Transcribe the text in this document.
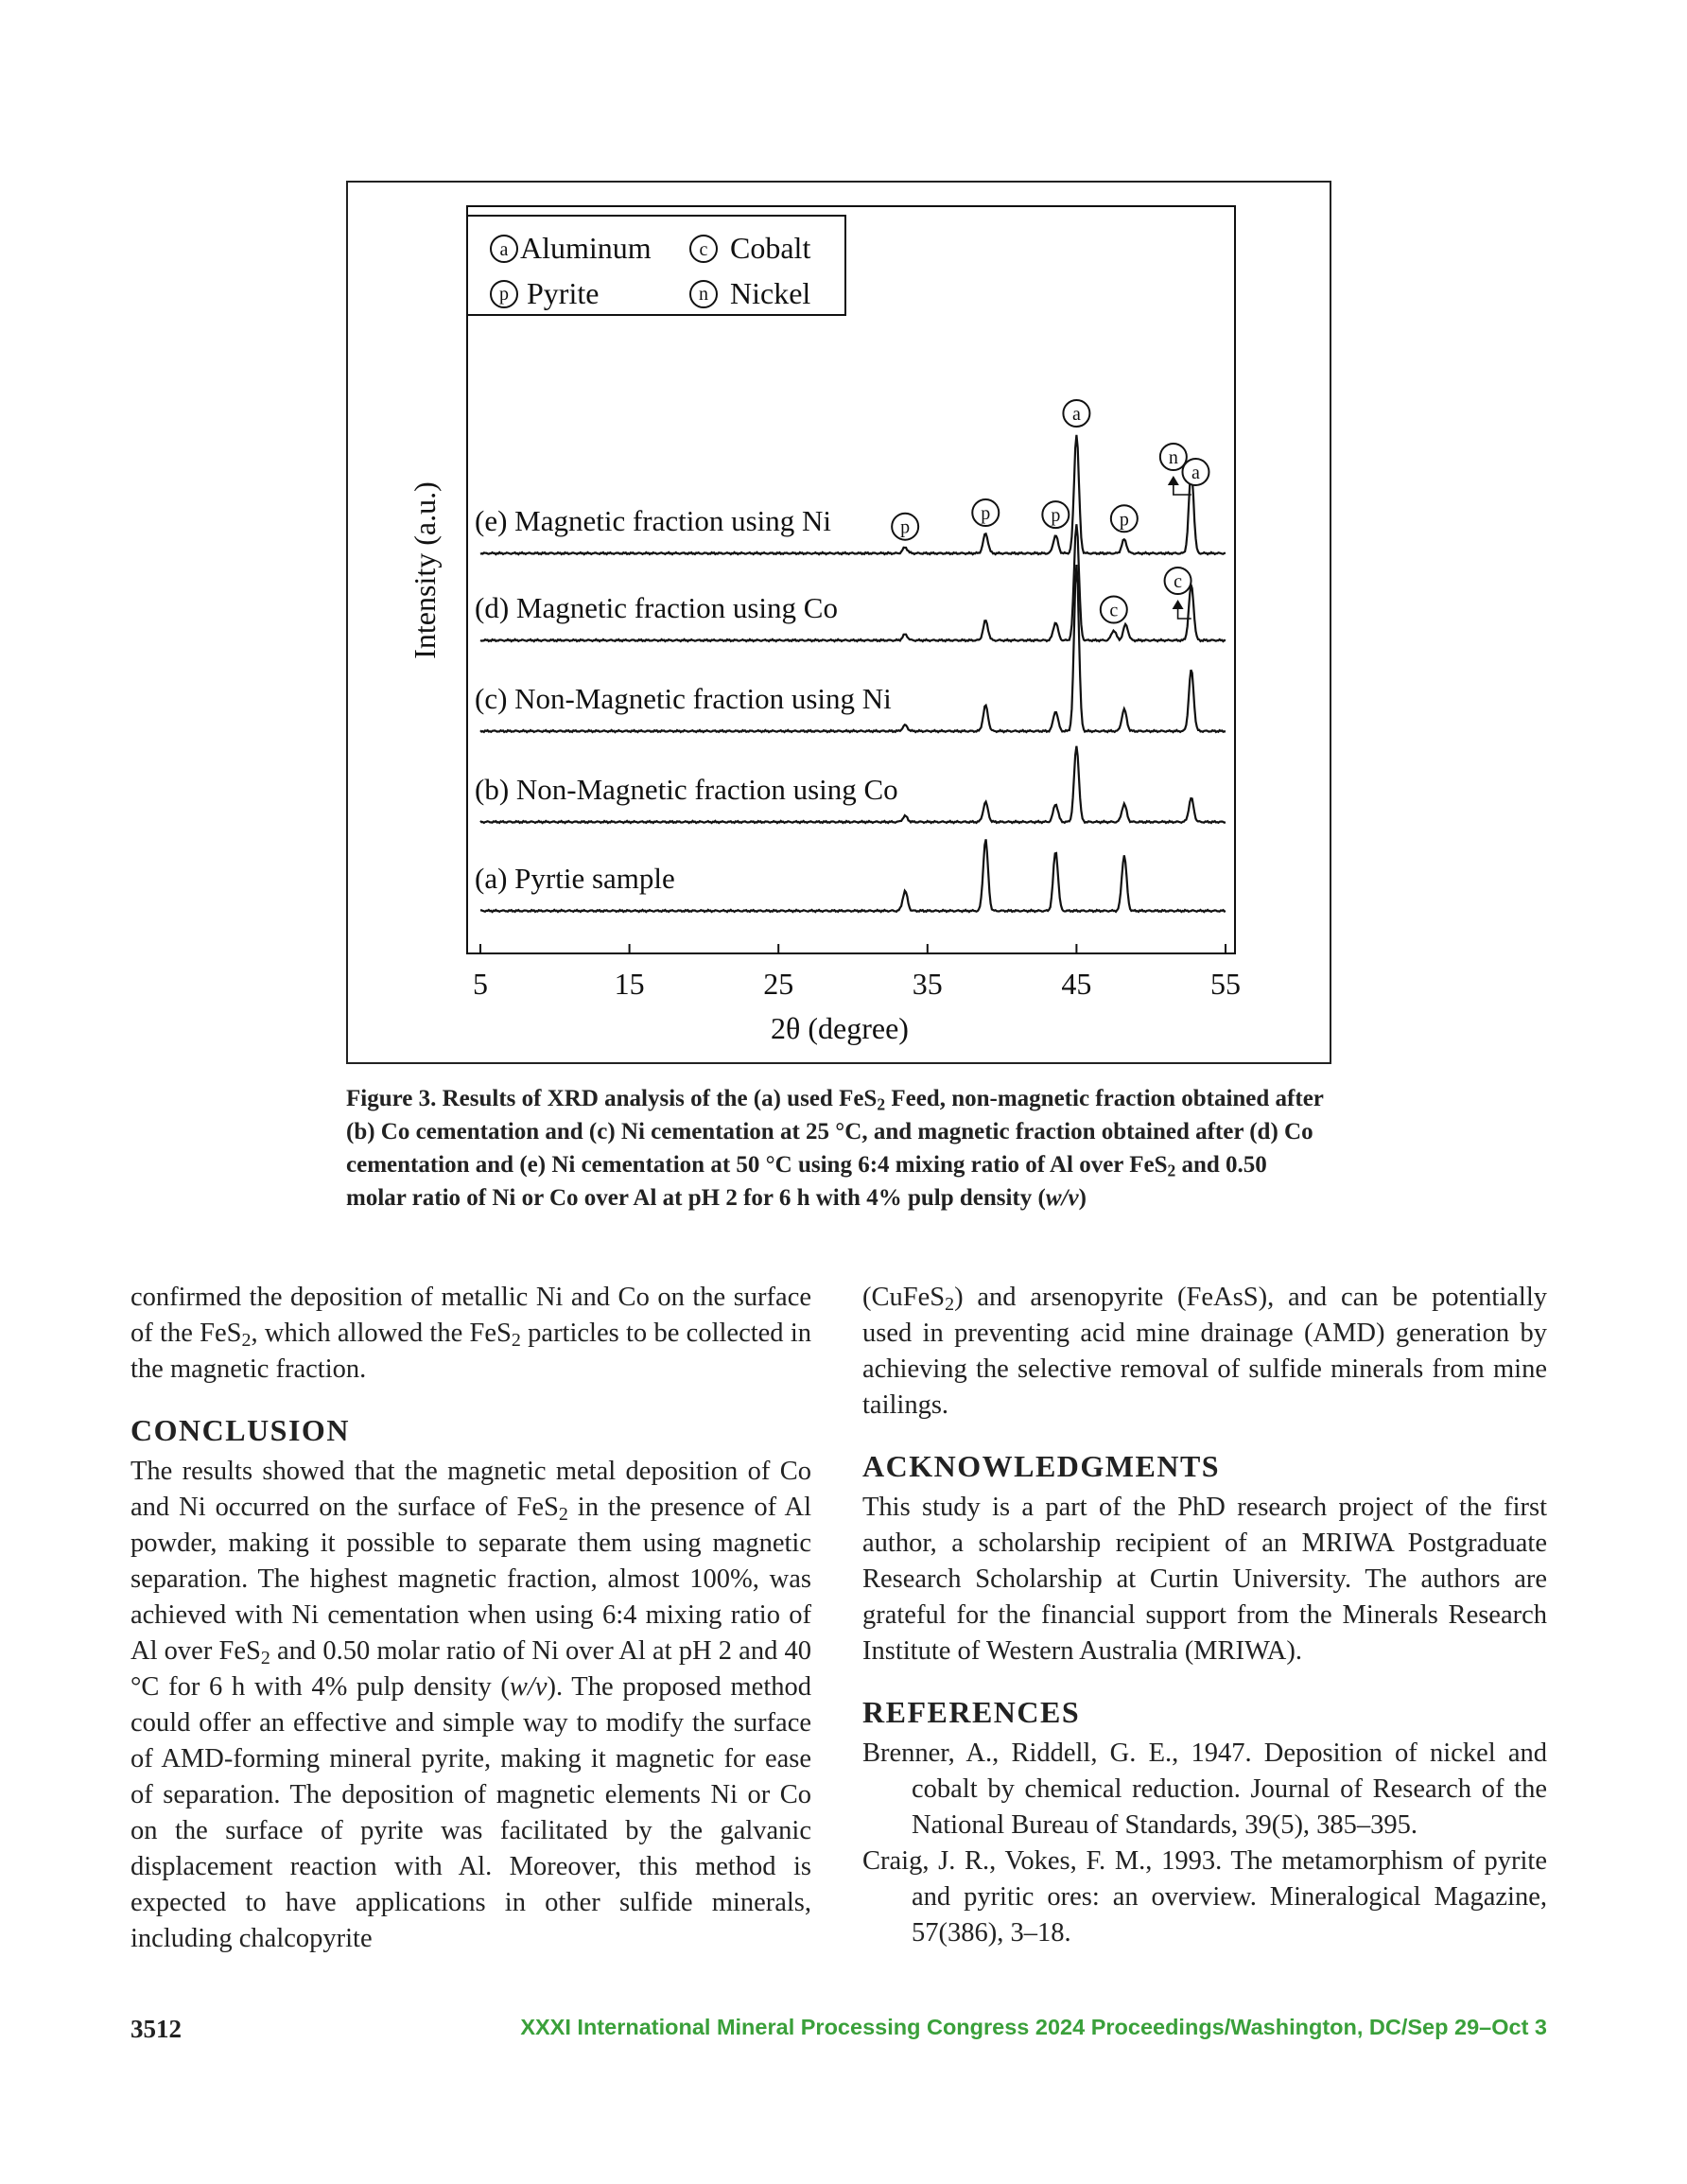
a Aluminum	c Cobalt
p Pyrite	n Nickel
(a) Pyrtie sample
(b) Non-Magnetic fraction using Co
(c) Non-Magnetic fraction using Ni
(d) Magnetic fraction using Co
(e) Magnetic fraction using Ni	p
p	p
a
p
n
a
c
c
5	15	25	35	45	55
2θ (degree)
Intensity (a.u.)
Figure 3. Results of XRD analysis of the (a) used FeS$_2$ Feed, non-magnetic fraction obtained after (b) Co cementation and (c) Ni cementation at 25 °C, and magnetic fraction obtained after (d) Co cementation and (e) Ni cementation at 50 °C using 6:4 mixing ratio of Al over FeS$_2$ and 0.50 molar ratio of Ni or Co over Al at pH 2 for 6 h with 4% pulp density (w/v)

confirmed the deposition of metallic Ni and Co on the surface of the FeS$_2$, which allowed the FeS$_2$ particles to be collected in the magnetic fraction.

CONCLUSION

The results showed that the magnetic metal deposition of Co and Ni occurred on the surface of FeS$_2$ in the presence of Al powder, making it possible to separate them using magnetic separation. The highest magnetic fraction, almost 100%, was achieved with Ni cementation when using 6:4 mixing ratio of Al over FeS$_2$ and 0.50 molar ratio of Ni over Al at pH 2 and 40 °C for 6 h with 4% pulp density (w/v). The proposed method could offer an effective and simple way to modify the surface of AMD-forming mineral pyrite, making it magnetic for ease of separation. The deposition of magnetic elements Ni or Co on the surface of pyrite was facilitated by the galvanic displacement reaction with Al. Moreover, this method is expected to have applications in other sulfide minerals, including chalcopyrite

(CuFeS$_2$) and arsenopyrite (FeAsS), and can be potentially used in preventing acid mine drainage (AMD) generation by achieving the selective removal of sulfide minerals from mine tailings.

ACKNOWLEDGMENTS

This study is a part of the PhD research project of the first author, a scholarship recipient of an MRIWA Postgraduate Research Scholarship at Curtin University. The authors are grateful for the financial support from the Minerals Research Institute of Western Australia (MRIWA).

REFERENCES

Brenner, A., Riddell, G. E., 1947. Deposition of nickel and cobalt by chemical reduction. Journal of Research of the National Bureau of Standards, 39(5), 385–395.

Craig, J. R., Vokes, F. M., 1993. The metamorphism of pyrite and pyritic ores: an overview. Mineralogical Magazine, 57(386), 3–18.

3512	XXXI International Mineral Processing Congress 2024 Proceedings/Washington, DC/Sep 29–Oct 3
